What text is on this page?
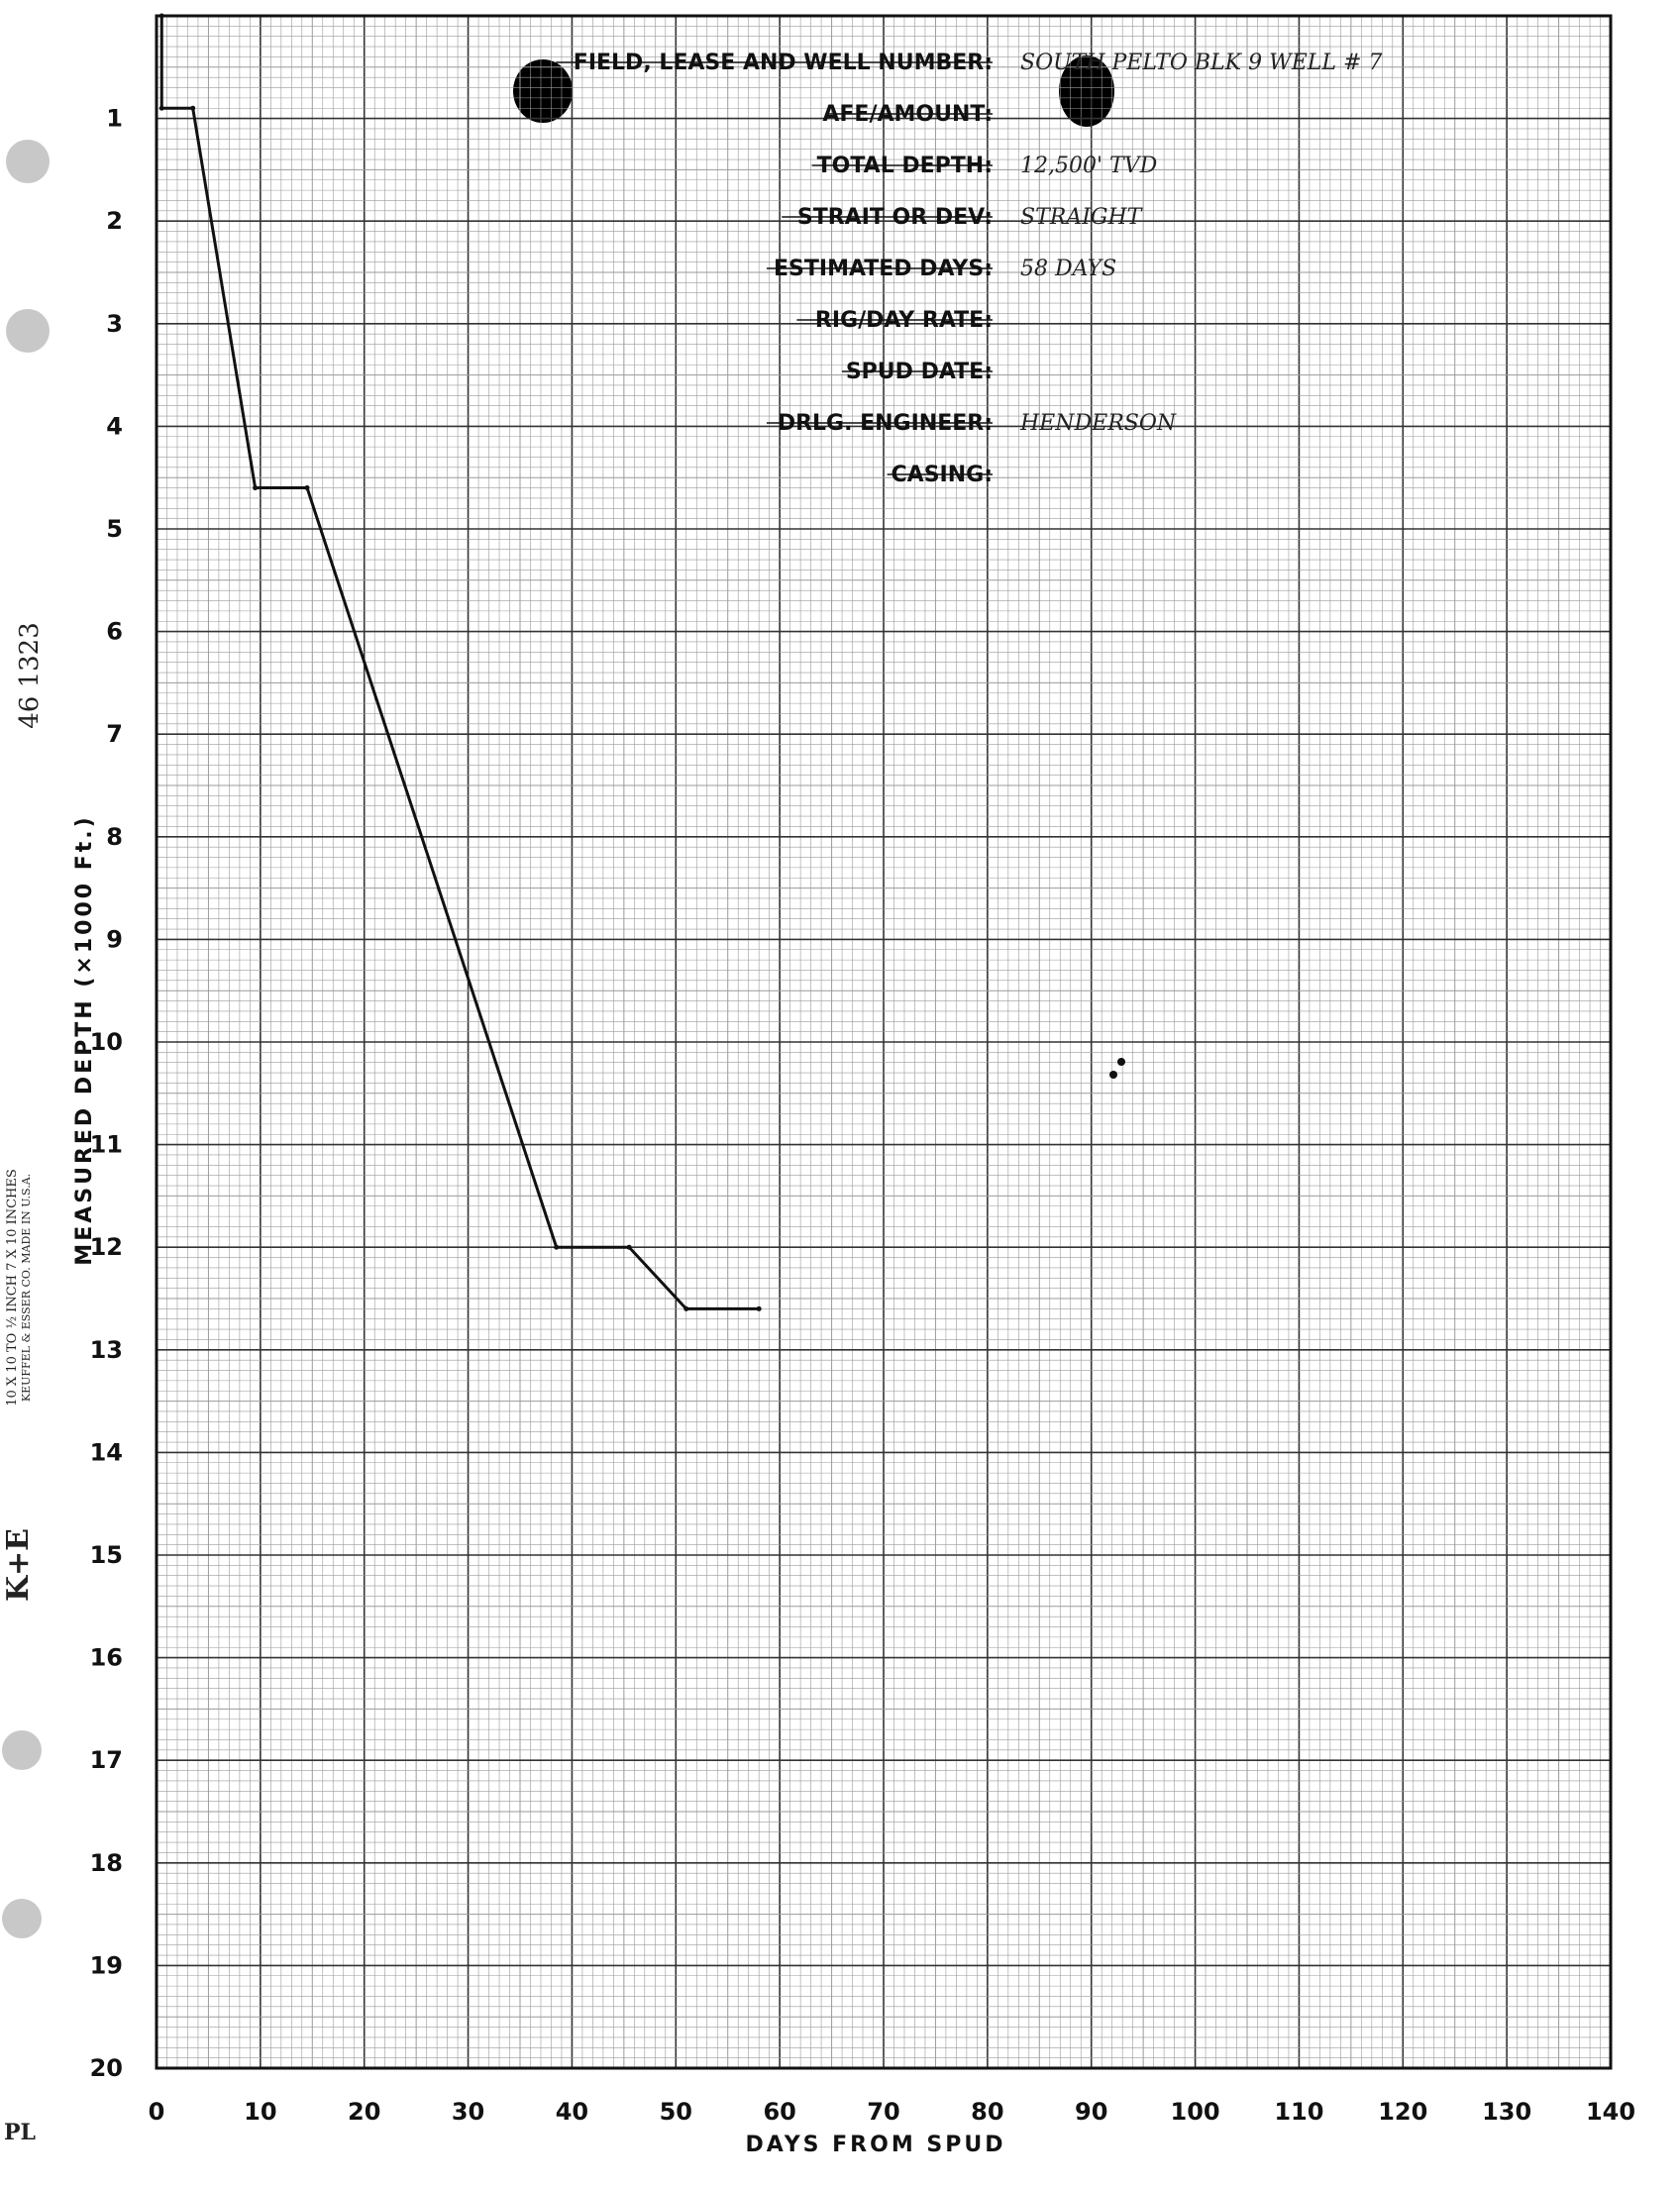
0	10	20	30	40	50	60	70	80	90	100 110 120 130 140
1
2
3
4
5
6
7
8
9
10
11
12
13
14
15
16
17
18
19
20
DAYS FROM SPUD
MEASURED DEPTH (×1000 Ft.)
FIELD, LEASE AND WELL NUMBER: SOUTH PELTO BLK 9 WELL # 7
AFE/AMOUNT:
TOTAL DEPTH: 12,500' TVD
STRAIT OR DEV: STRAIGHT
ESTIMATED DAYS: 58 DAYS
RIG/DAY RATE:
SPUD DATE:
DRLG. ENGINEER: HENDERSON
CASING:
46 1323
K+E
10 X 10 TO ½ INCH 7 X 10 INCHES KEUFFEL & ESSER CO. MADE IN U.S.A.
PL
